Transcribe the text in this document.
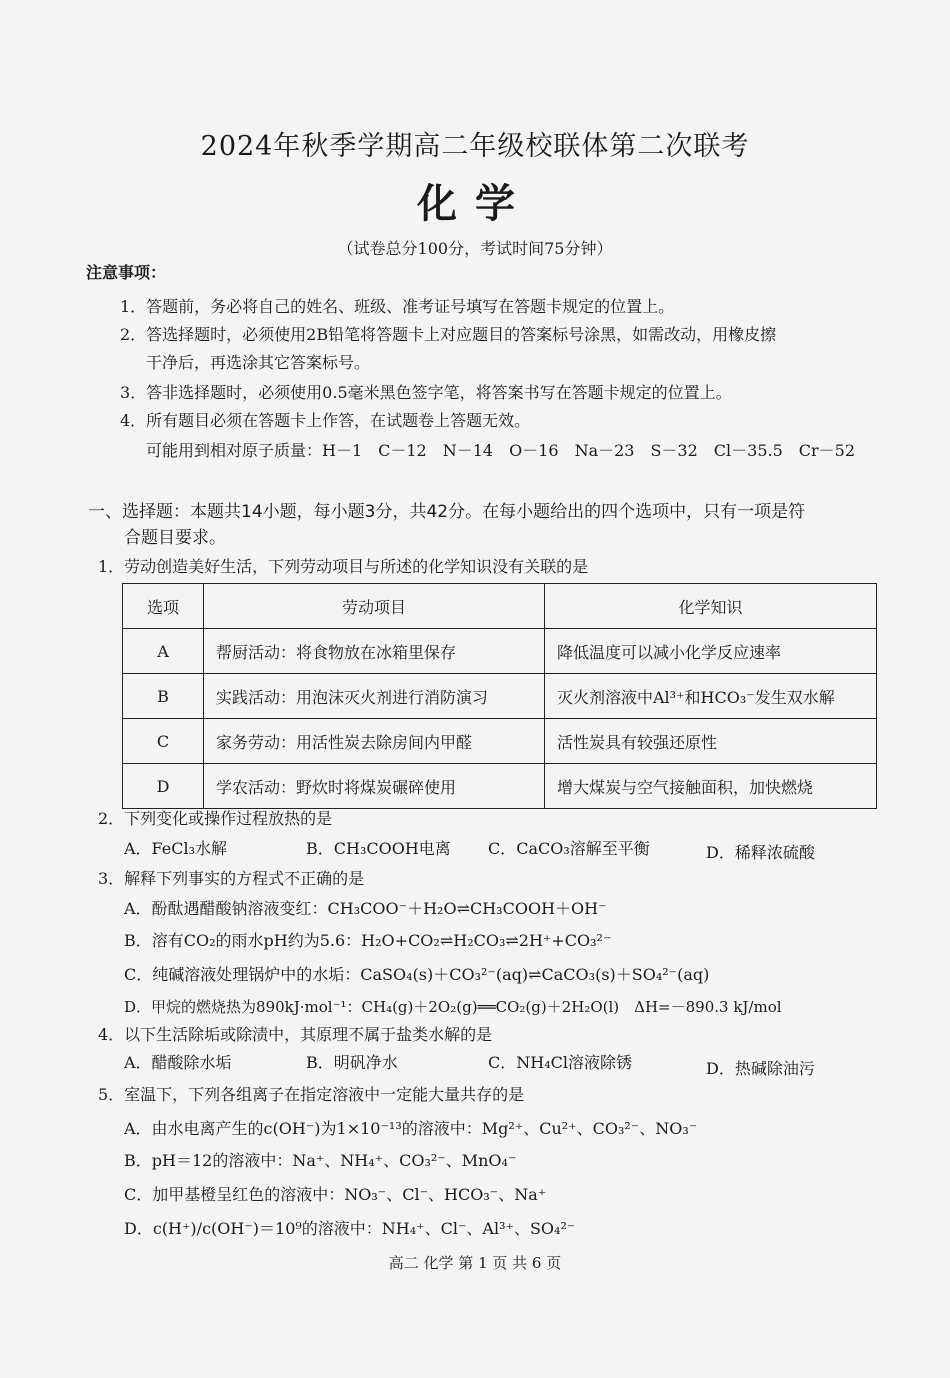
2024年秋季学期高二年级校联体第二次联考
化学
（试卷总分100分，考试时间75分钟）
注意事项：
1．答题前，务必将自己的姓名、班级、准考证号填写在答题卡规定的位置上。
2．答选择题时，必须使用2B铅笔将答题卡上对应题目的答案标号涂黑，如需改动，用橡皮擦
干净后，再选涂其它答案标号。
3．答非选择题时，必须使用0.5毫米黑色签字笔，将答案书写在答题卡规定的位置上。
4．所有题目必须在答题卡上作答，在试题卷上答题无效。
可能用到相对原子质量：H－1　C－12　N－14　O－16　Na－23　S－32　Cl－35.5　Cr－52
一、选择题：本题共14小题，每小题3分，共42分。在每小题给出的四个选项中，只有一项是符
合题目要求。
1．劳动创造美好生活，下列劳动项目与所述的化学知识没有关联的是
选项	劳动项目	化学知识
A	帮厨活动：将食物放在冰箱里保存	降低温度可以减小化学反应速率
B	实践活动：用泡沫灭火剂进行消防演习	灭火剂溶液中Al³⁺和HCO₃⁻发生双水解
C	家务劳动：用活性炭去除房间内甲醛	活性炭具有较强还原性
D	学农活动：野炊时将煤炭碾碎使用	增大煤炭与空气接触面积，加快燃烧
2．下列变化或操作过程放热的是
A．FeCl₃水解	B．CH₃COOH电离 C．CaCO₃溶解至平衡	D．稀释浓硫酸
3．解释下列事实的方程式不正确的是
A．酚酞遇醋酸钠溶液变红：CH₃COO⁻＋H₂O⇌CH₃COOH＋OH⁻
B．溶有CO₂的雨水pH约为5.6：H₂O+CO₂⇌H₂CO₃⇌2H⁺+CO₃²⁻
C．纯碱溶液处理锅炉中的水垢：CaSO₄(s)＋CO₃²⁻(aq)⇌CaCO₃(s)＋SO₄²⁻(aq)
D．甲烷的燃烧热为890kJ·mol⁻¹：CH₄(g)＋2O₂(g)══CO₂(g)＋2H₂O(l)　ΔH=－890.3 kJ/mol
4．以下生活除垢或除渍中，其原理不属于盐类水解的是
A．醋酸除水垢	B．明矾净水	C．NH₄Cl溶液除锈	D．热碱除油污
5．室温下，下列各组离子在指定溶液中一定能大量共存的是
A．由水电离产生的c(OH⁻)为1×10⁻¹³的溶液中：Mg²⁺、Cu²⁺、CO₃²⁻、NO₃⁻
B．pH＝12的溶液中：Na⁺、NH₄⁺、CO₃²⁻、MnO₄⁻
C．加甲基橙呈红色的溶液中：NO₃⁻、Cl⁻、HCO₃⁻、Na⁺
D．c(H⁺)/c(OH⁻)＝10⁹的溶液中：NH₄⁺、Cl⁻、Al³⁺、SO₄²⁻
高二 化学 第 1 页 共 6 页
